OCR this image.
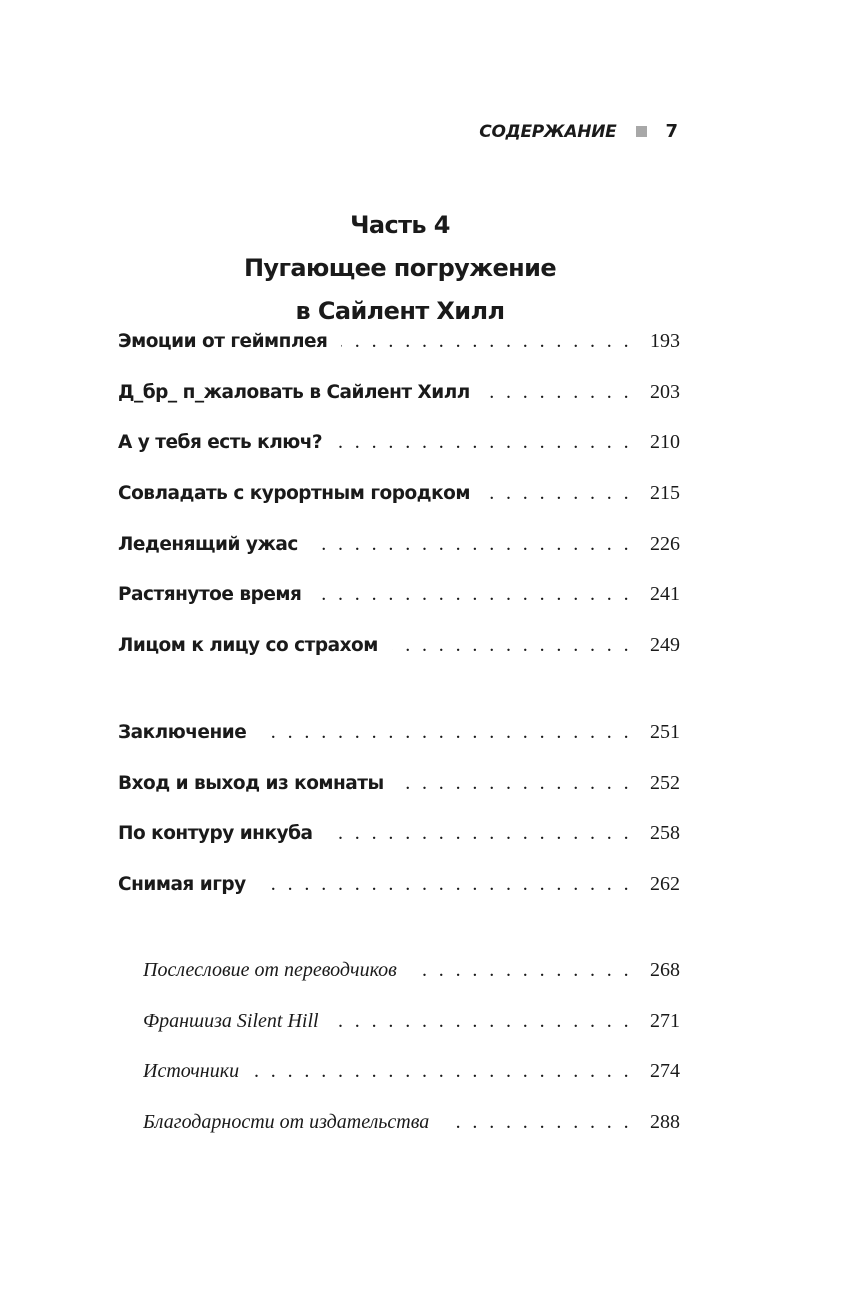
СОДЕРЖАНИЕ	7
Часть 4
Пугающее погружение
в Сайлент Хилл
Эмоции от геймплея . . .	193
Д_бр_ п_жаловать в Сайлент Хилл . . .	203
А у тебя есть ключ? . . .	210
Совладать с курортным городком . . .	215
Леденящий ужас . . .	226
Растянутое время . . .	241
Лицом к лицу со страхом . . .	249
Заключение . . .	251
Вход и выход из комнаты . . .	252
По контуру инкуба . . .	258
Снимая игру . . .	262
Послесловие от переводчиков . . .	268
Франшиза Silent Hill . . .	271
Источники . . .	274
Благодарности от издательства . . .	288
